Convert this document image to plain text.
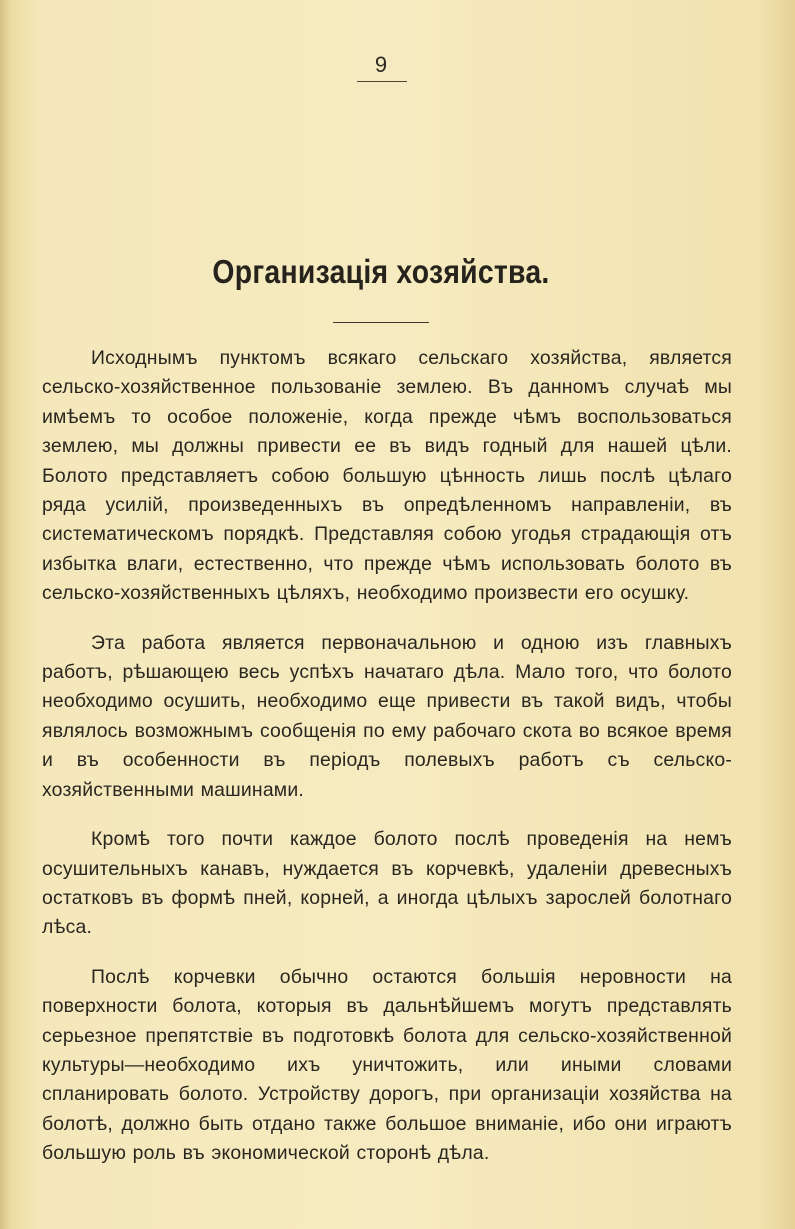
9
Организація хозяйства.

Исходнымъ пунктомъ всякаго сельскаго хозяйства, является сельско-хозяйственное пользованіе землею. Въ данномъ случаѣ мы имѣемъ то особое положеніе, когда прежде чѣмъ воспользоваться землею, мы должны привести ее въ видъ годный для нашей цѣли. Болото представляетъ собою большую цѣнность лишь послѣ цѣлаго ряда усилій, произведенныхъ въ опредѣленномъ направленіи, въ систематическомъ порядкѣ. Представляя собою угодья страдающія отъ избытка влаги, естественно, что прежде чѣмъ использовать болото въ сельско-хозяйственныхъ цѣляхъ, необходимо произвести его осушку.

Эта работа является первоначальною и одною изъ главныхъ работъ, рѣшающею весь успѣхъ начатаго дѣла. Мало того, что болото необходимо осушить, необходимо еще привести въ такой видъ, чтобы являлось возможнымъ сообщенія по ему рабочаго скота во всякое время и въ особенности въ періодъ полевыхъ работъ съ сельско-хозяйственными машинами.

Кромѣ того почти каждое болото послѣ проведенія на немъ осушительныхъ канавъ, нуждается въ корчевкѣ, удаленіи древесныхъ остатковъ въ формѣ пней, корней, а иногда цѣлыхъ зарослей болотнаго лѣса.

Послѣ корчевки обычно остаются большія неровности на поверхности болота, которыя въ дальнѣйшемъ могутъ представлять серьезное препятствіе въ подготовкѣ болота для сельско-хозяйственной культуры—необходимо ихъ уничтожить, или иными словами спланировать болото. Устройству дорогъ, при организаціи хозяйства на болотѣ, должно быть отдано также большое вниманіе, ибо они играютъ большую роль въ экономической сторонѣ дѣла.
